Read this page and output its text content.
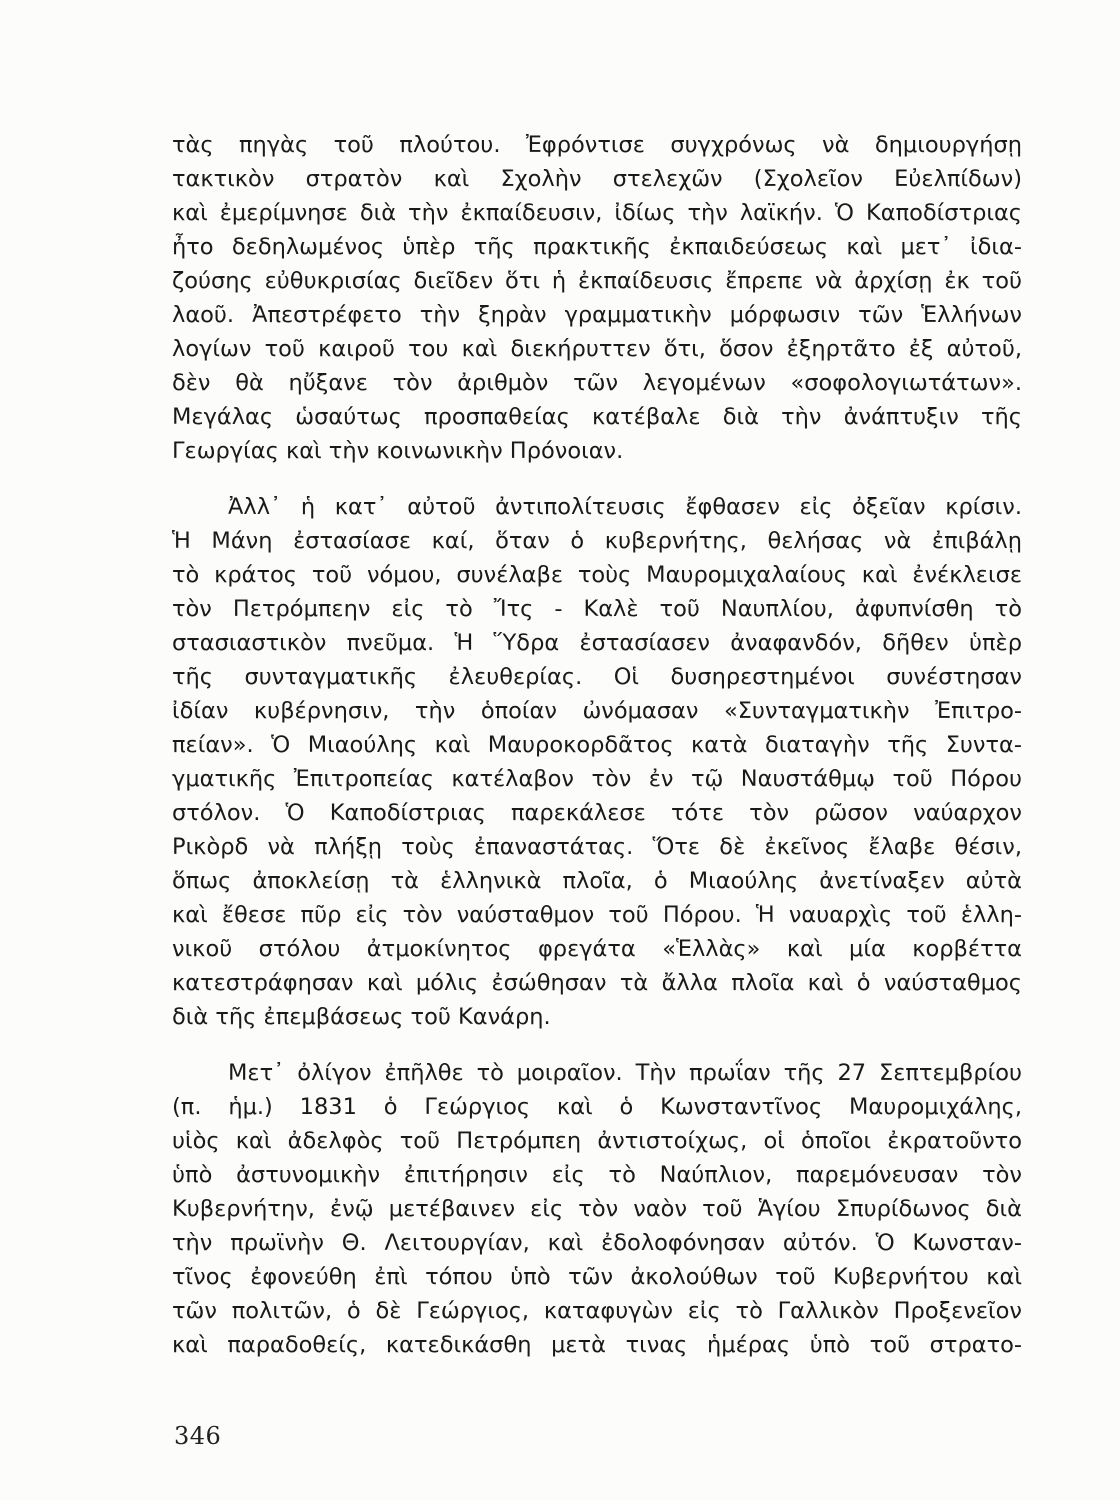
τὰς πηγὰς τοῦ πλούτου. Ἐφρόντισε συγχρόνως νὰ δημιουργήσῃ
τακτικὸν στρατὸν καὶ Σχολὴν στελεχῶν (Σχολεῖον Εὐελπίδων)
καὶ ἐμερίμνησε διὰ τὴν ἐκπαίδευσιν, ἰδίως τὴν λαϊκήν. Ὁ Καποδίστριας
ἦτο δεδηλωμένος ὑπὲρ τῆς πρακτικῆς ἐκπαιδεύσεως καὶ μετ᾽ ἰδια-
ζούσης εὐθυκρισίας διεῖδεν ὅτι ἡ ἐκπαίδευσις ἔπρεπε νὰ ἀρχίσῃ ἐκ τοῦ
λαοῦ. Ἀπεστρέφετο τὴν ξηρὰν γραμματικὴν μόρφωσιν τῶν Ἑλλήνων
λογίων τοῦ καιροῦ του καὶ διεκήρυττεν ὅτι, ὅσον ἐξηρτᾶτο ἐξ αὐτοῦ,
δὲν θὰ ηὔξανε τὸν ἀριθμὸν τῶν λεγομένων «σοφολογιωτάτων».
Μεγάλας ὡσαύτως προσπαθείας κατέβαλε διὰ τὴν ἀνάπτυξιν τῆς
Γεωργίας καὶ τὴν κοινωνικὴν Πρόνοιαν.
Ἀλλ᾽ ἡ κατ᾽ αὐτοῦ ἀντιπολίτευσις ἔφθασεν εἰς ὀξεῖαν κρίσιν.
Ἡ Μάνη ἐστασίασε καί, ὅταν ὁ κυβερνήτης, θελήσας νὰ ἐπιβάλῃ
τὸ κράτος τοῦ νόμου, συνέλαβε τοὺς Μαυρομιχαλαίους καὶ ἐνέκλεισε
τὸν Πετρόμπεην εἰς τὸ Ἴτς - Καλὲ τοῦ Ναυπλίου, ἀφυπνίσθη τὸ
στασιαστικὸν πνεῦμα. Ἡ Ὕδρα ἐστασίασεν ἀναφανδόν, δῆθεν ὑπὲρ
τῆς συνταγματικῆς ἐλευθερίας. Οἱ δυσηρεστημένοι συνέστησαν
ἰδίαν κυβέρνησιν, τὴν ὁποίαν ὠνόμασαν «Συνταγματικὴν Ἐπιτρο-
πείαν». Ὁ Μιαούλης καὶ Μαυροκορδᾶτος κατὰ διαταγὴν τῆς Συντα-
γματικῆς Ἐπιτροπείας κατέλαβον τὸν ἐν τῷ Ναυστάθμῳ τοῦ Πόρου
στόλον. Ὁ Καποδίστριας παρεκάλεσε τότε τὸν ρῶσον ναύαρχον
Ρικὸρδ νὰ πλήξῃ τοὺς ἐπαναστάτας. Ὅτε δὲ ἐκεῖνος ἔλαβε θέσιν,
ὅπως ἀποκλείσῃ τὰ ἑλληνικὰ πλοῖα, ὁ Μιαούλης ἀνετίναξεν αὐτὰ
καὶ ἔθεσε πῦρ εἰς τὸν ναύσταθμον τοῦ Πόρου. Ἡ ναυαρχὶς τοῦ ἑλλη-
νικοῦ στόλου ἀτμοκίνητος φρεγάτα «Ἑλλὰς» καὶ μία κορβέττα
κατεστράφησαν καὶ μόλις ἐσώθησαν τὰ ἄλλα πλοῖα καὶ ὁ ναύσταθμος
διὰ τῆς ἐπεμβάσεως τοῦ Κανάρη.
Μετ᾽ ὀλίγον ἐπῆλθε τὸ μοιραῖον. Τὴν πρωΐαν τῆς 27 Σεπτεμβρίου
(π. ἡμ.) 1831 ὁ Γεώργιος καὶ ὁ Κωνσταντῖνος Μαυρομιχάλης,
υἱὸς καὶ ἀδελφὸς τοῦ Πετρόμπεη ἀντιστοίχως, οἱ ὁποῖοι ἐκρατοῦντο
ὑπὸ ἀστυνομικὴν ἐπιτήρησιν εἰς τὸ Ναύπλιον, παρεμόνευσαν τὸν
Κυβερνήτην, ἐνῷ μετέβαινεν εἰς τὸν ναὸν τοῦ Ἁγίου Σπυρίδωνος διὰ
τὴν πρωϊνὴν Θ. Λειτουργίαν, καὶ ἐδολοφόνησαν αὐτόν. Ὁ Κωνσταν-
τῖνος ἐφονεύθη ἐπὶ τόπου ὑπὸ τῶν ἀκολούθων τοῦ Κυβερνήτου καὶ
τῶν πολιτῶν, ὁ δὲ Γεώργιος, καταφυγὼν εἰς τὸ Γαλλικὸν Προξενεῖον
καὶ παραδοθείς, κατεδικάσθη μετὰ τινας ἡμέρας ὑπὸ τοῦ στρατο-
346
